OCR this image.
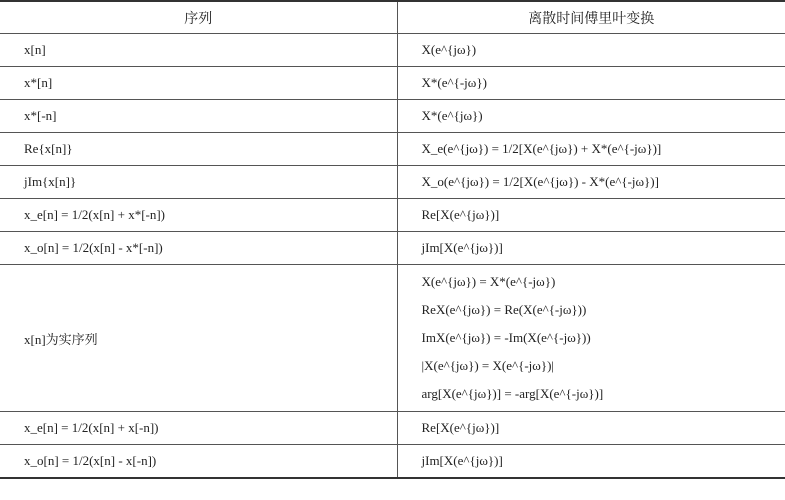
序列	离散时间傅里叶变换
x[n]	X(e^{jω})
x*[n]	X*(e^{-jω})
x*[-n]	X*(e^{jω})
Re{x[n]}	X_e(e^{jω}) = 1/2[X(e^{jω}) + X*(e^{-jω})]
jIm{x[n]}	X_o(e^{jω}) = 1/2[X(e^{jω}) - X*(e^{-jω})]
x_e[n] = 1/2(x[n] + x*[-n])	Re[X(e^{jω})]
x_o[n] = 1/2(x[n] - x*[-n])	jIm[X(e^{jω})]
x[n]为实序列	X(e^{jω}) = X*(e^{-jω})
ReX(e^{jω}) = Re(X(e^{-jω}))
ImX(e^{jω}) = -Im(X(e^{-jω}))
|X(e^{jω}) = X(e^{-jω})|
arg[X(e^{jω})] = -arg[X(e^{-jω})]

x_e[n] = 1/2(x[n] + x[-n])	Re[X(e^{jω})]
x_o[n] = 1/2(x[n] - x[-n])	jIm[X(e^{jω})]
